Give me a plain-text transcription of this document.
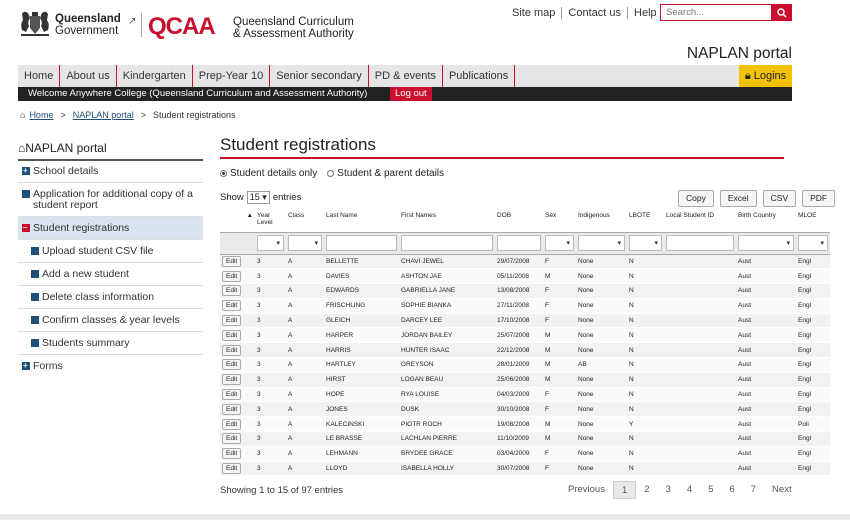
Queensland
Government
↗ QCAA Queensland Curriculum
& Assessment Authority
Site map	Contact us	Help
Search...
NAPLAN portal
Home	About us	Kindergarten	Prep-Year 10	Senior secondary	PD & events	Publications	🔒︎ Logins
Welcome Anywhere College (Queensland Curriculum and Assessment Authority)	Log out
⌂ Home > NAPLAN portal > Student registrations
⌂NAPLAN portal
+
School details
Application for additional copy of a student report
–
Student registrations
Upload student CSV file
Add a new student
Delete class information
Confirm classes & year levels
Students summary
+
Forms
Student registrations
Student details only Student & parent details
Show 15 ▾ entries	Copy	Excel	CSV	PDF
▲	Year Level	Class	Last Name	First Names	DOB	Sex	Indigenous	LBOTE	Local Student ID	Birth Country	MLOE

▾

▾

▾

▾

▾

▾

▾

Edit	3	A	BELLETTE	CHAVI JEWEL	29/07/2008	F	None	N		Aust	Engl
Edit	3	A	DAVIES	ASHTON JAE	05/11/2008	M	None	N		Aust	Engl
Edit	3	A	EDWARDS	GABRIELLA JANE	13/08/2008	F	None	N		Aust	Engl
Edit	3	A	FRISCHLING	SOPHIE BIANKA	27/11/2008	F	None	N		Aust	Engl
Edit	3	A	GLEICH	DARCEY LEE	17/10/2008	F	None	N		Aust	Engl
Edit	3	A	HARPER	JORDAN BAILEY	25/07/2008	M	None	N		Aust	Engl
Edit	3	A	HARRIS	HUNTER ISAAC	22/12/2008	M	None	N		Aust	Engl
Edit	3	A	HARTLEY	GREYSON	28/01/2009	M	AB	N		Aust	Engl
Edit	3	A	HIRST	LOGAN BEAU	25/06/2008	M	None	N		Aust	Engl
Edit	3	A	HOPE	RYA LOUISE	04/03/2009	F	None	N		Aust	Engl
Edit	3	A	JONES	DUSK	30/10/2008	F	None	N		Aust	Engl
Edit	3	A	KALECINSKI	PIOTR ROCH	19/08/2008	M	None	Y		Aust	Poli
Edit	3	A	LE BRASSE	LACHLAN PIERRE	11/10/2009	M	None	N		Aust	Engl
Edit	3	A	LEHMANN	BRYDEE GRACE	03/04/2009	F	None	N		Aust	Engl
Edit	3	A	LLOYD	ISABELLA HOLLY	30/07/2008	F	None	N		Aust	Engl
Showing 1 to 15 of 97 entries	Previous	1	2	3	4	5	6	7	Next
